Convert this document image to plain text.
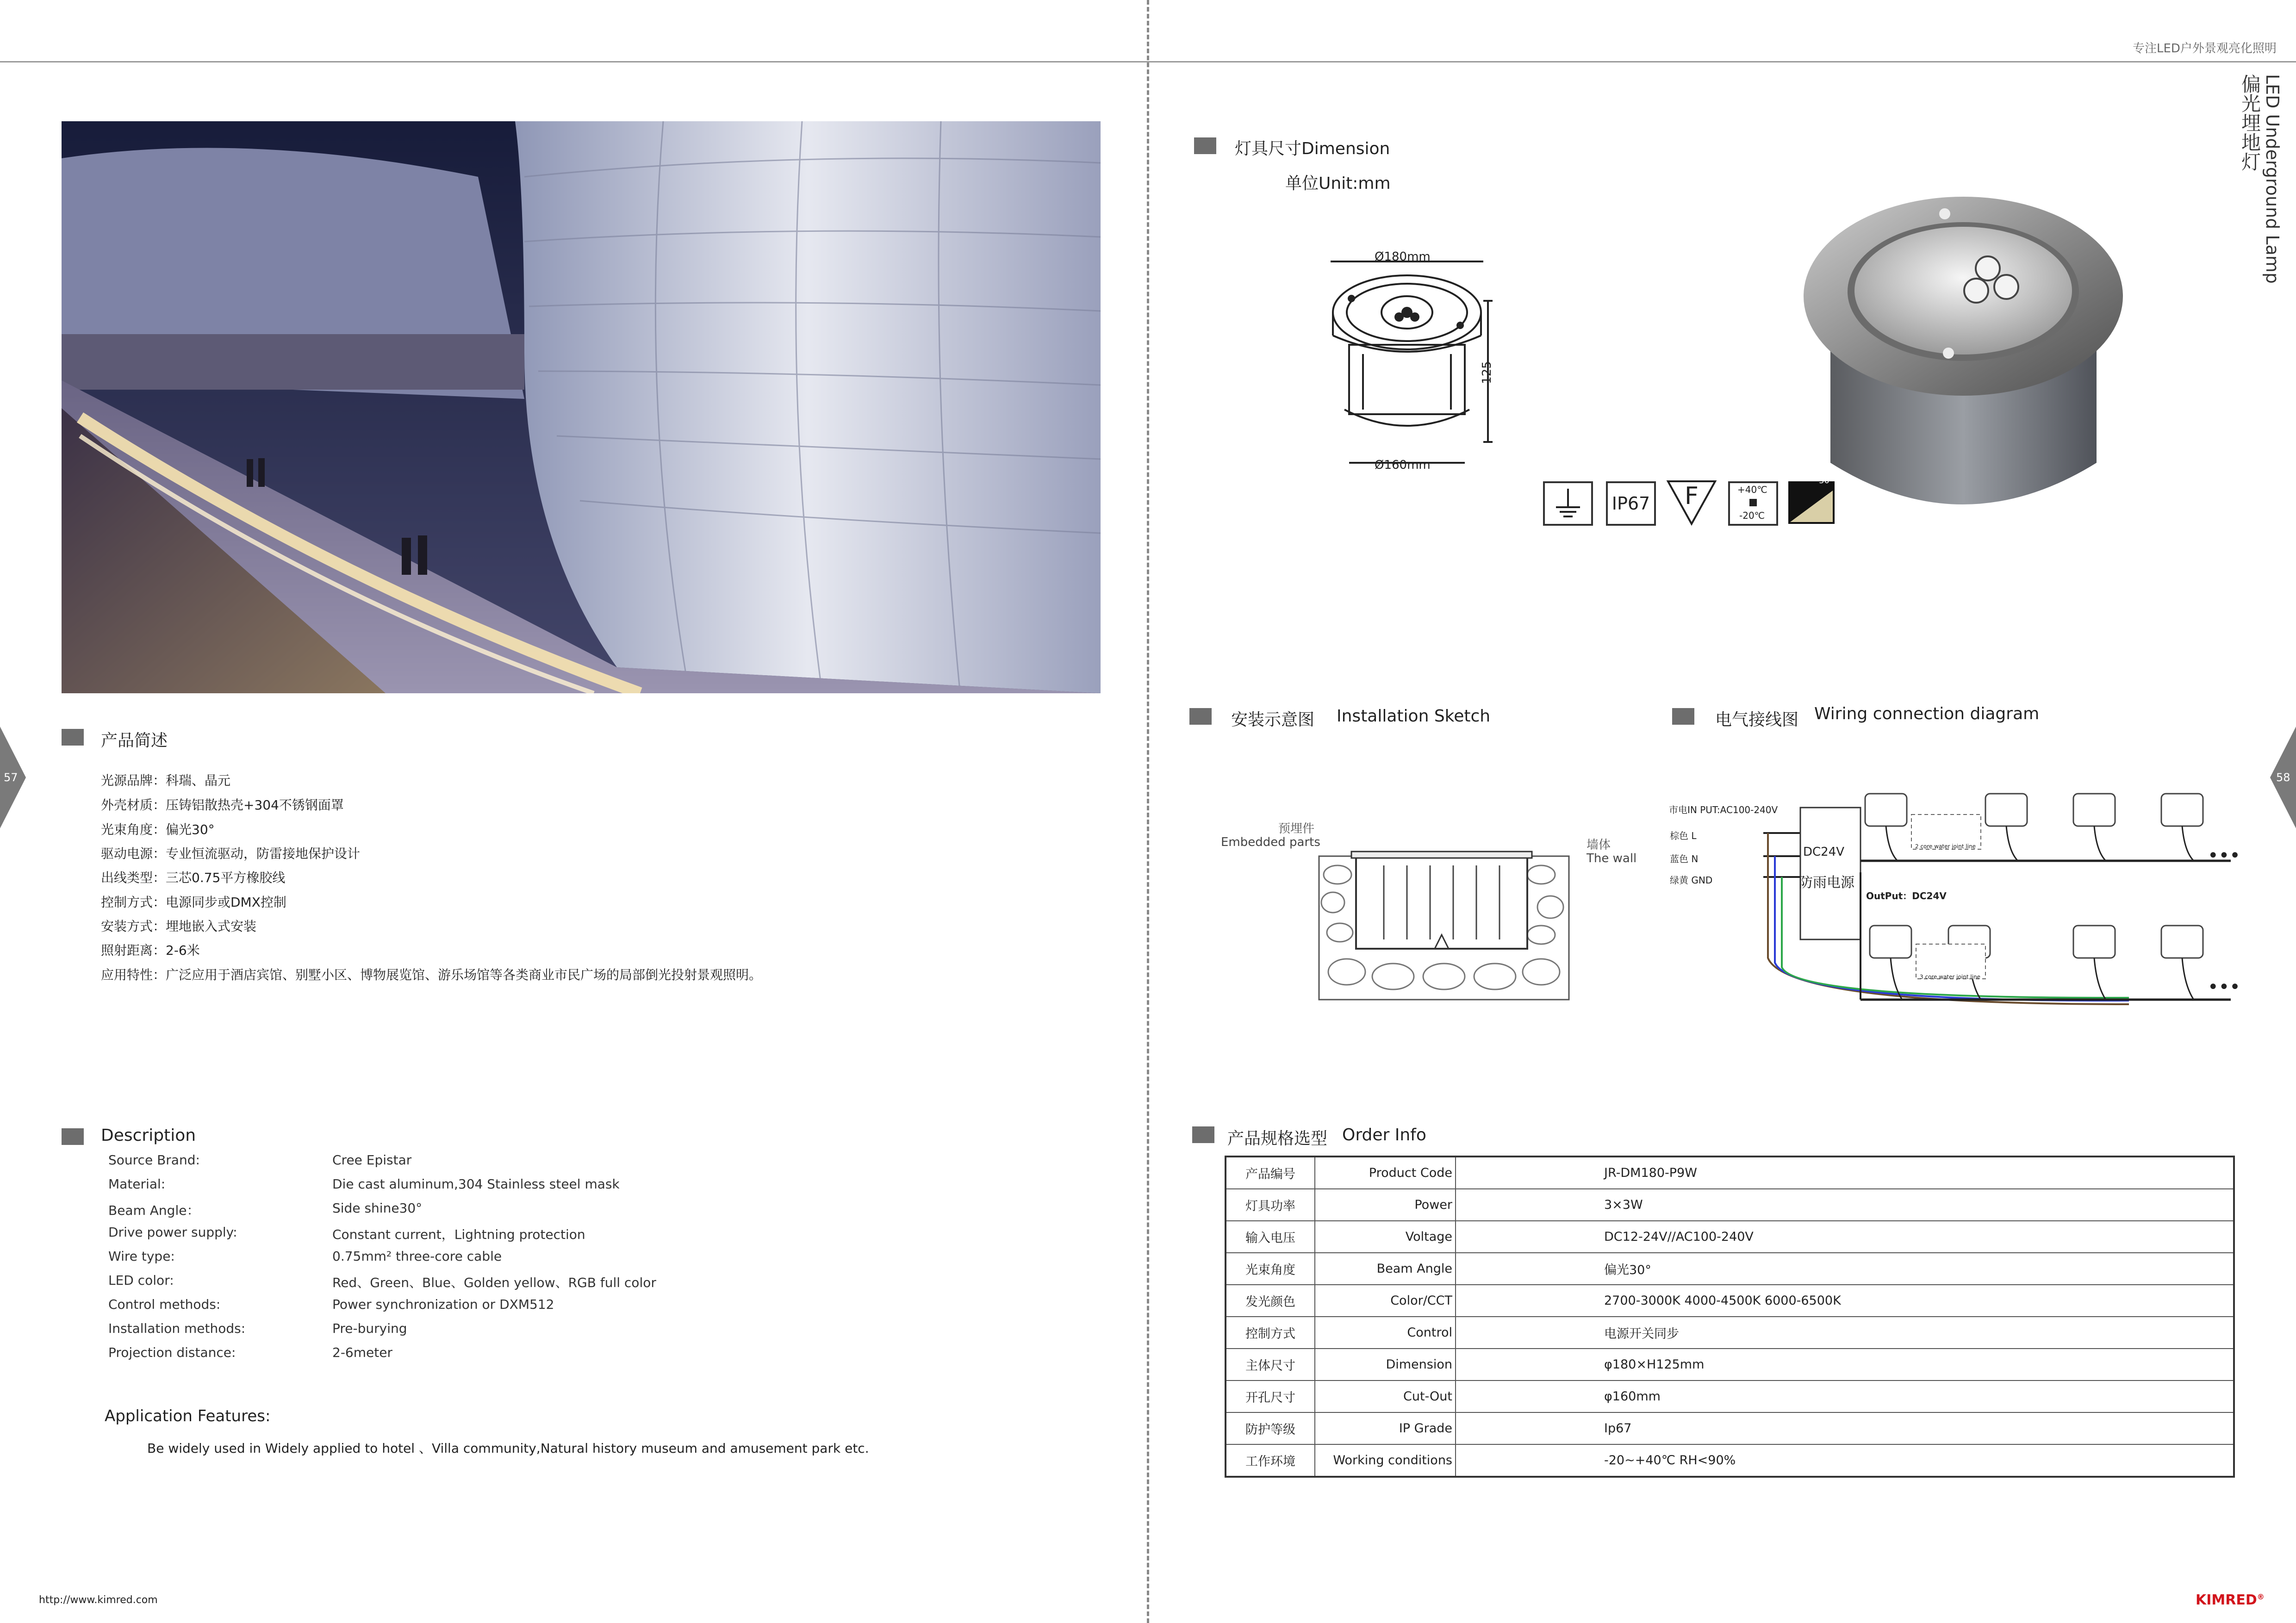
专注LED户外景观亮化照明
偏光埋地灯 LED Underground Lamp
57	58
产品简述
光源品牌：科瑞、晶元
外壳材质：压铸铝散热壳+304不锈钢面罩
光束角度：偏光30°
驱动电源：专业恒流驱动，防雷接地保护设计
出线类型：三芯0.75平方橡胶线
控制方式：电源同步或DMX控制
安装方式：埋地嵌入式安装
照射距离：2-6米
应用特性：广泛应用于酒店宾馆、别墅小区、博物展览馆、游乐场馆等各类商业市民广场的局部倒光投射景观照明。
Description
Source Brand:	Cree Epistar
Material:	Die cast aluminum,304 Stainless steel mask
Beam Angle：	Side shine30°
Drive power supply:	Constant current，Lightning protection
Wire type:	0.75mm² three-core cable
LED color:	Red、Green、Blue、Golden yellow、RGB full color
Control methods:	Power synchronization or DXM512
Installation methods:	Pre-burying
Projection distance:	2-6meter
Application Features:
Be widely used in Widely applied to hotel 、Villa community,Natural history museum and amusement park etc.
http://www.kimred.com	KIMRED®
灯具尺寸Dimension
单位Unit:mm
Ø180mm
Ø160mm
125
IP67 F	+40℃
-20℃
30°
安装示意图 Installation Sketch
预埋件
Embedded parts	墙体
The wall
电气接线图 Wiring connection diagram
市电IN PUT:AC100-240V
棕色 L
蓝色 N
绿黄 GND
DC24V
防雨电源
OutPut：DC24V
2 core water joint line
3 core water joint line
•••
•••
产品规格选型 Order Info
产品编号	Product Code	JR-DM180-P9W
灯具功率	Power	3×3W
输入电压	Voltage	DC12-24V//AC100-240V
光束角度	Beam Angle	偏光30°
发光颜色	Color/CCT	2700-3000K 4000-4500K 6000-6500K
控制方式	Control	电源开关同步
主体尺寸	Dimension	φ180×H125mm
开孔尺寸	Cut-Out	φ160mm
防护等级	IP Grade	Ip67
工作环境	Working conditions	-20~+40℃ RH<90%
